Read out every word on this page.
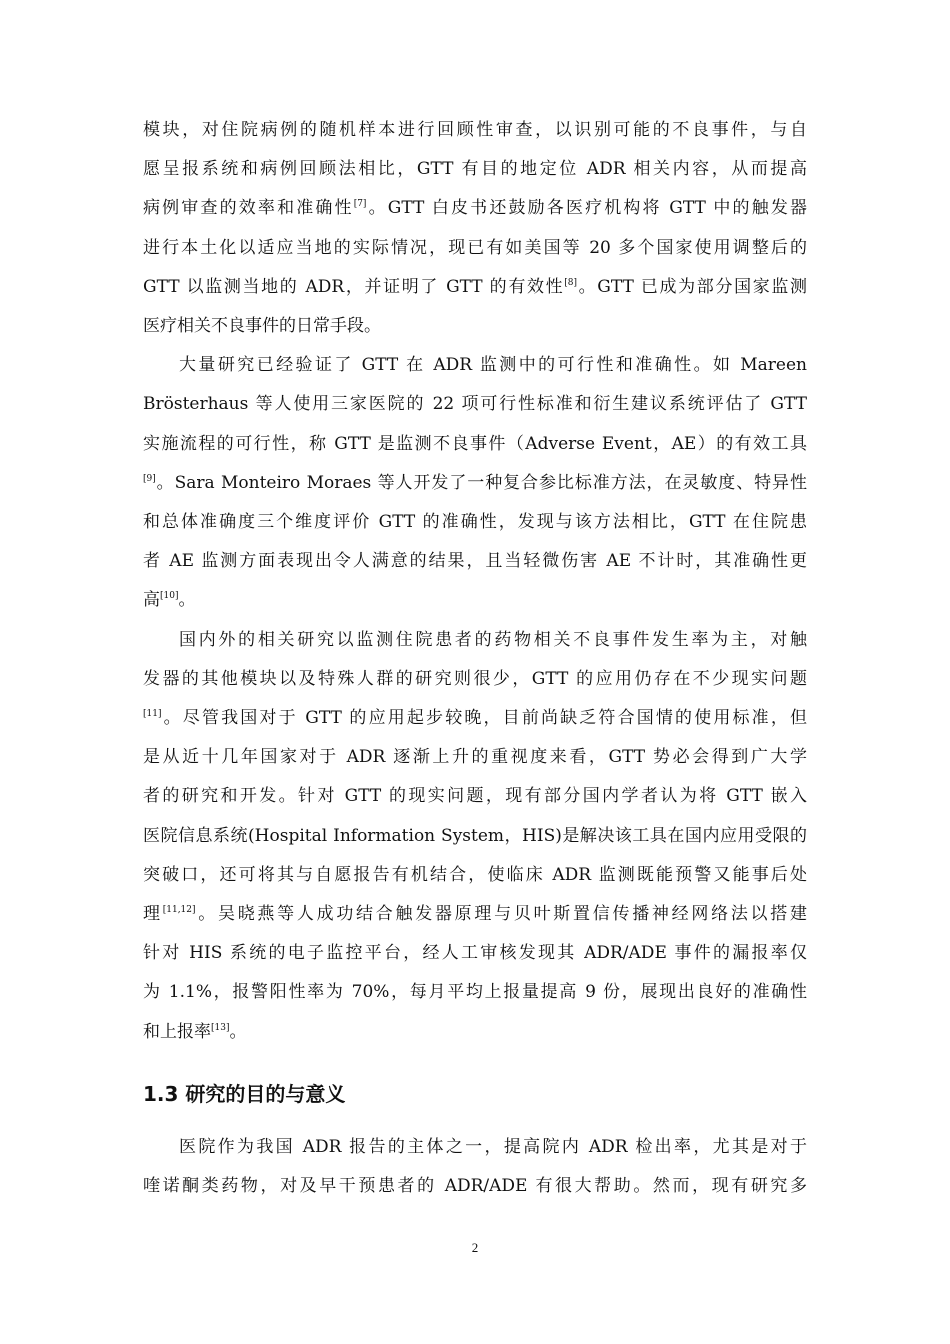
模块，对住院病例的随机样本进行回顾性审查，以识别可能的不良事件，与自
愿呈报系统和病例回顾法相比，GTT 有目的地定位 ADR 相关内容，从而提高
病例审查的效率和准确性[7]。GTT 白皮书还鼓励各医疗机构将 GTT 中的触发器
进行本土化以适应当地的实际情况，现已有如美国等 20 多个国家使用调整后的
GTT 以监测当地的 ADR，并证明了 GTT 的有效性[8]。GTT 已成为部分国家监测
医疗相关不良事件的日常手段。

大量研究已经验证了 GTT 在 ADR 监测中的可行性和准确性。如 Mareen
Brösterhaus 等人使用三家医院的 22 项可行性标准和衍生建议系统评估了 GTT
实施流程的可行性，称 GTT 是监测不良事件（Adverse Event，AE）的有效工具
[9]。Sara Monteiro Moraes 等人开发了一种复合参比标准方法，在灵敏度、特异性
和总体准确度三个维度评价 GTT 的准确性，发现与该方法相比，GTT 在住院患
者 AE 监测方面表现出令人满意的结果，且当轻微伤害 AE 不计时，其准确性更
高[10]。

国内外的相关研究以监测住院患者的药物相关不良事件发生率为主，对触
发器的其他模块以及特殊人群的研究则很少，GTT 的应用仍存在不少现实问题
[11]。尽管我国对于 GTT 的应用起步较晚，目前尚缺乏符合国情的使用标准，但
是从近十几年国家对于 ADR 逐渐上升的重视度来看，GTT 势必会得到广大学
者的研究和开发。针对 GTT 的现实问题，现有部分国内学者认为将 GTT 嵌入
医院信息系统(Hospital Information System，HIS)是解决该工具在国内应用受限的
突破口，还可将其与自愿报告有机结合，使临床 ADR 监测既能预警又能事后处
理[11,12]。吴晓燕等人成功结合触发器原理与贝叶斯置信传播神经网络法以搭建
针对 HIS 系统的电子监控平台，经人工审核发现其 ADR/ADE 事件的漏报率仅
为 1.1%，报警阳性率为 70%，每月平均上报量提高 9 份，展现出良好的准确性
和上报率[13]。

1.3 研究的目的与意义

医院作为我国 ADR 报告的主体之一，提高院内 ADR 检出率，尤其是对于
喹诺酮类药物，对及早干预患者的 ADR/ADE 有很大帮助。然而，现有研究多

2
